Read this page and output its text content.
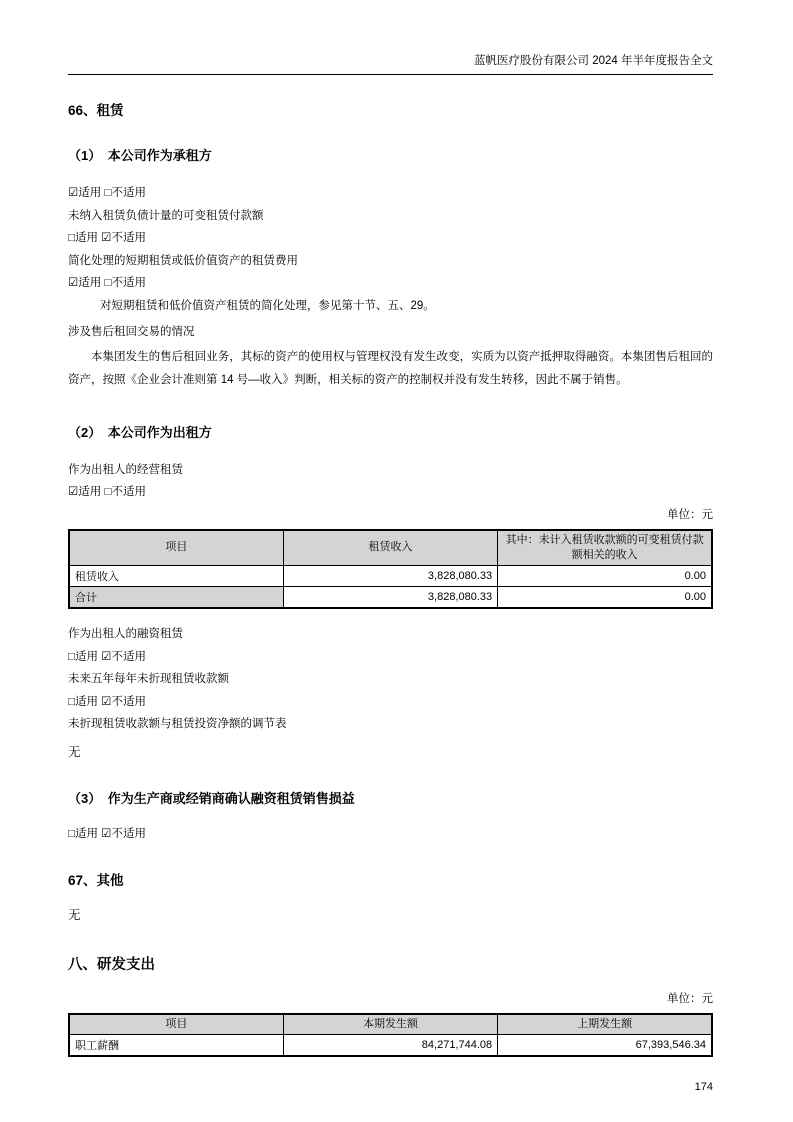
蓝帆医疗股份有限公司 2024 年半年度报告全文
66、租赁
（1）　本公司作为承租方
☑适用 □不适用
未纳入租赁负债计量的可变租赁付款额
□适用 ☑不适用
简化处理的短期租赁或低价值资产的租赁费用
☑适用 □不适用
对短期租赁和低价值资产租赁的简化处理，参见第十节、五、29。
涉及售后租回交易的情况
本集团发生的售后租回业务，其标的资产的使用权与管理权没有发生改变，实质为以资产抵押取得融资。本集团售后租回的资产，按照《企业会计准则第 14 号—收入》判断，相关标的资产的控制权并没有发生转移，因此不属于销售。
（2）　本公司作为出租方
作为出租人的经营租赁
☑适用 □不适用
单位：元
项目	租赁收入	其中：未计入租赁收款额的可变租赁付款额相关的收入
租赁收入	3,828,080.33	0.00
合计	3,828,080.33	0.00
作为出租人的融资租赁
□适用 ☑不适用
未来五年每年未折现租赁收款额
□适用 ☑不适用
未折现租赁收款额与租赁投资净额的调节表
无
（3）　作为生产商或经销商确认融资租赁销售损益
□适用 ☑不适用
67、其他
无
八、研发支出
单位：元
项目	本期发生额	上期发生额
职工薪酬	84,271,744.08	67,393,546.34
174
